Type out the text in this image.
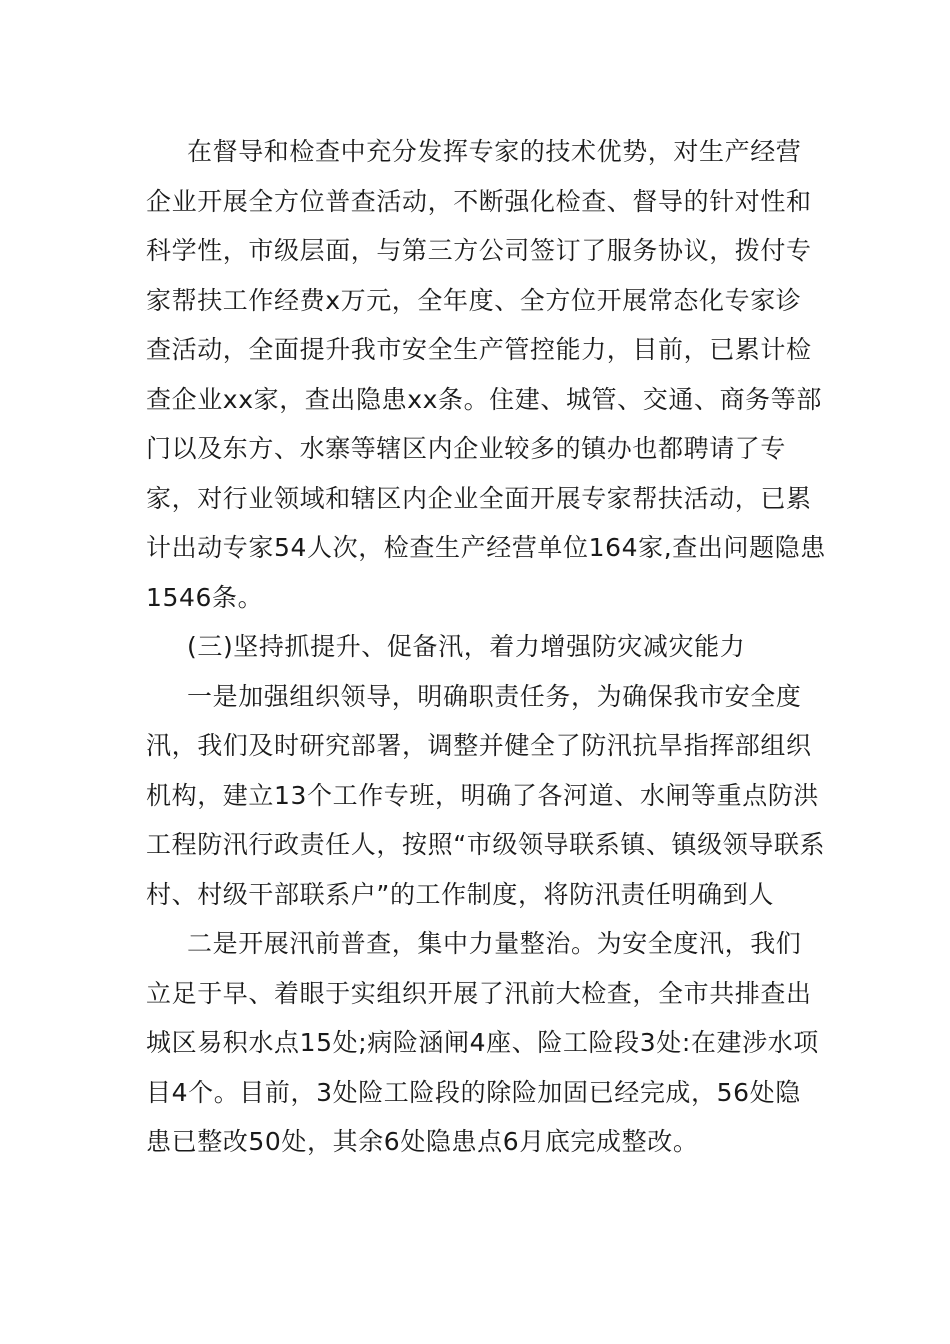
在督导和检查中充分发挥专家的技术优势，对生产经营企业开展全方位普查活动，不断强化检查、督导的针对性和科学性，市级层面，与第三方公司签订了服务协议，拨付专家帮扶工作经费x万元，全年度、全方位开展常态化专家诊查活动，全面提升我市安全生产管控能力，目前，已累计检查企业xx家，查出隐患xx条。住建、城管、交通、商务等部门以及东方、水寨等辖区内企业较多的镇办也都聘请了专家，对行业领域和辖区内企业全面开展专家帮扶活动，已累计出动专家54人次，检查生产经营单位164家,查出问题隐患1546条。

(三)坚持抓提升、促备汛，着力增强防灾减灾能力

一是加强组织领导，明确职责任务，为确保我市安全度汛，我们及时研究部署，调整并健全了防汛抗旱指挥部组织机构，建立13个工作专班，明确了各河道、水闸等重点防洪工程防汛行政责任人，按照“市级领导联系镇、镇级领导联系村、村级干部联系户”的工作制度，将防汛责任明确到人

二是开展汛前普查，集中力量整治。为安全度汛，我们立足于早、着眼于实组织开展了汛前大检查，全市共排查出城区易积水点15处;病险涵闸4座、险工险段3处:在建涉水项目4个。目前，3处险工险段的除险加固已经完成，56处隐患已整改50处，其余6处隐患点6月底完成整改。
